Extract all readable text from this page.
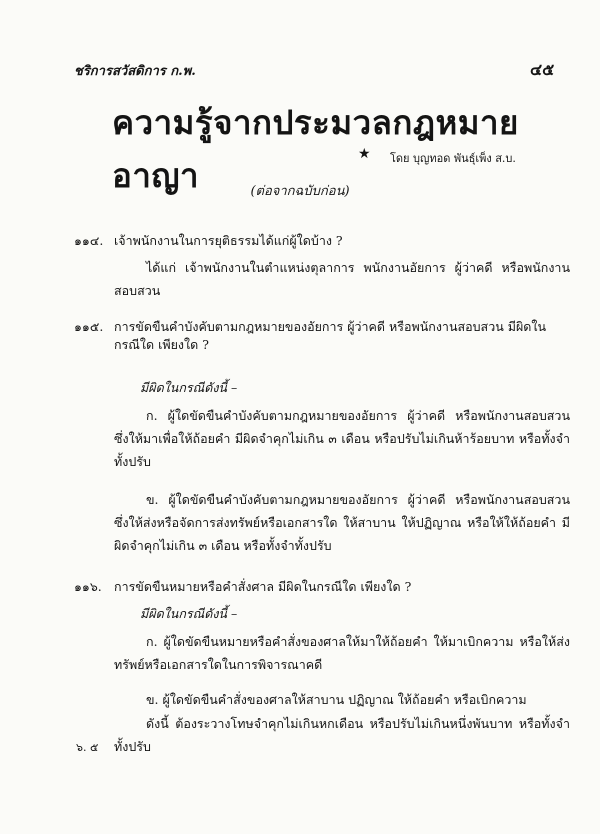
ชริการสวัสดิการ ก.พ.	๔๕
ความรู้จากประมวลกฎหมายอาญา
★ โดย บุญทอด พันธุ์เพ็ง ส.บ.
(ต่อจากฉบับก่อน)
๑๑๔. เจ้าพนักงานในการยุติธรรมได้แก่ผู้ใดบ้าง ?
ได้แก่ เจ้าพนักงานในตำแหน่งตุลาการ พนักงานอัยการ ผู้ว่าคดี หรือพนักงานสอบสวน
๑๑๕. การขัดขืนคำบังคับตามกฎหมายของอัยการ ผู้ว่าคดี หรือพนักงานสอบสวน มีผิดในกรณีใด เพียงใด ?
มีผิดในกรณีดังนี้ –
ก. ผู้ใดขัดขืนคำบังคับตามกฎหมายของอัยการ ผู้ว่าคดี หรือพนักงานสอบสวน ซึ่งให้มาเพื่อให้ถ้อยคำ มีผิดจำคุกไม่เกิน ๓ เดือน หรือปรับไม่เกินห้าร้อยบาท หรือทั้งจำทั้งปรับ
ข. ผู้ใดขัดขืนคำบังคับตามกฎหมายของอัยการ ผู้ว่าคดี หรือพนักงานสอบสวน ซึ่งให้ส่งหรือจัดการส่งทรัพย์หรือเอกสารใด ให้สาบาน ให้ปฏิญาณ หรือให้ให้ถ้อยคำ มีผิดจำคุกไม่เกิน ๓ เดือน หรือทั้งจำทั้งปรับ
๑๑๖. การขัดขืนหมายหรือคำสั่งศาล มีผิดในกรณีใด เพียงใด ?
มีผิดในกรณีดังนี้ –
ก. ผู้ใดขัดขืนหมายหรือคำสั่งของศาลให้มาให้ถ้อยคำ ให้มาเบิกความ หรือให้ส่งทรัพย์หรือเอกสารใดในการพิจารณาคดี
ข. ผู้ใดขัดขืนคำสั่งของศาลให้สาบาน ปฏิญาณ ให้ถ้อยคำ หรือเบิกความ
ดังนี้ ต้องระวางโทษจำคุกไม่เกินหกเดือน หรือปรับไม่เกินหนึ่งพันบาท หรือทั้งจำทั้งปรับ
๖. ๕
